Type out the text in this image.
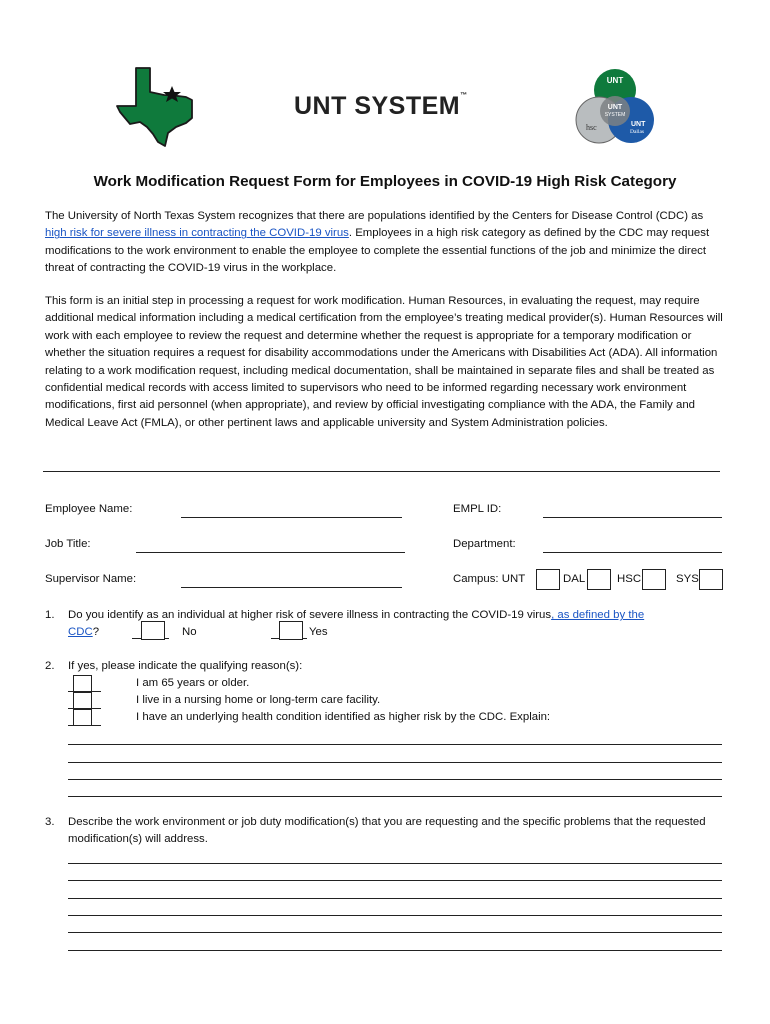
UNT SYSTEM™
UNT
UNT
SYSTEM
hsc	UNT
Dallas
Work Modification Request Form for Employees in COVID-19 High Risk Category
The University of North Texas System recognizes that there are populations identified by the Centers for Disease Control (CDC) as high risk for severe illness in contracting the COVID-19 virus. Employees in a high risk category as defined by the CDC may request modifications to the work environment to enable the employee to complete the essential functions of the job and minimize the direct threat of contracting the COVID-19 virus in the workplace.
This form is an initial step in processing a request for work modification. Human Resources, in evaluating the request, may require additional medical information including a medical certification from the employee’s treating medical provider(s). Human Resources will work with each employee to review the request and determine whether the request is appropriate for a temporary modification or whether the situation requires a request for disability accommodations under the Americans with Disabilities Act (ADA). All information relating to a work modification request, including medical documentation, shall be maintained in separate files and shall be treated as confidential medical records with access limited to supervisors who need to be informed regarding necessary work environment modifications, first aid personnel (when appropriate), and review by official investigating compliance with the ADA, the Family and Medical Leave Act (FMLA), or other pertinent laws and applicable university and System Administration policies.
Employee Name:	EMPL ID:
Job Title:	Department:
Supervisor Name:	Campus: UNT	DAL	HSC	SYS
1. Do you identify as an individual at higher risk of severe illness in contracting the COVID-19 virus, as defined by the
CDC?	No	Yes
2. If yes, please indicate the qualifying reason(s):
I am 65 years or older.
I live in a nursing home or long-term care facility.
I have an underlying health condition identified as higher risk by the CDC. Explain:
3. Describe the work environment or job duty modification(s) that you are requesting and the specific problems that the requested modification(s) will address.
